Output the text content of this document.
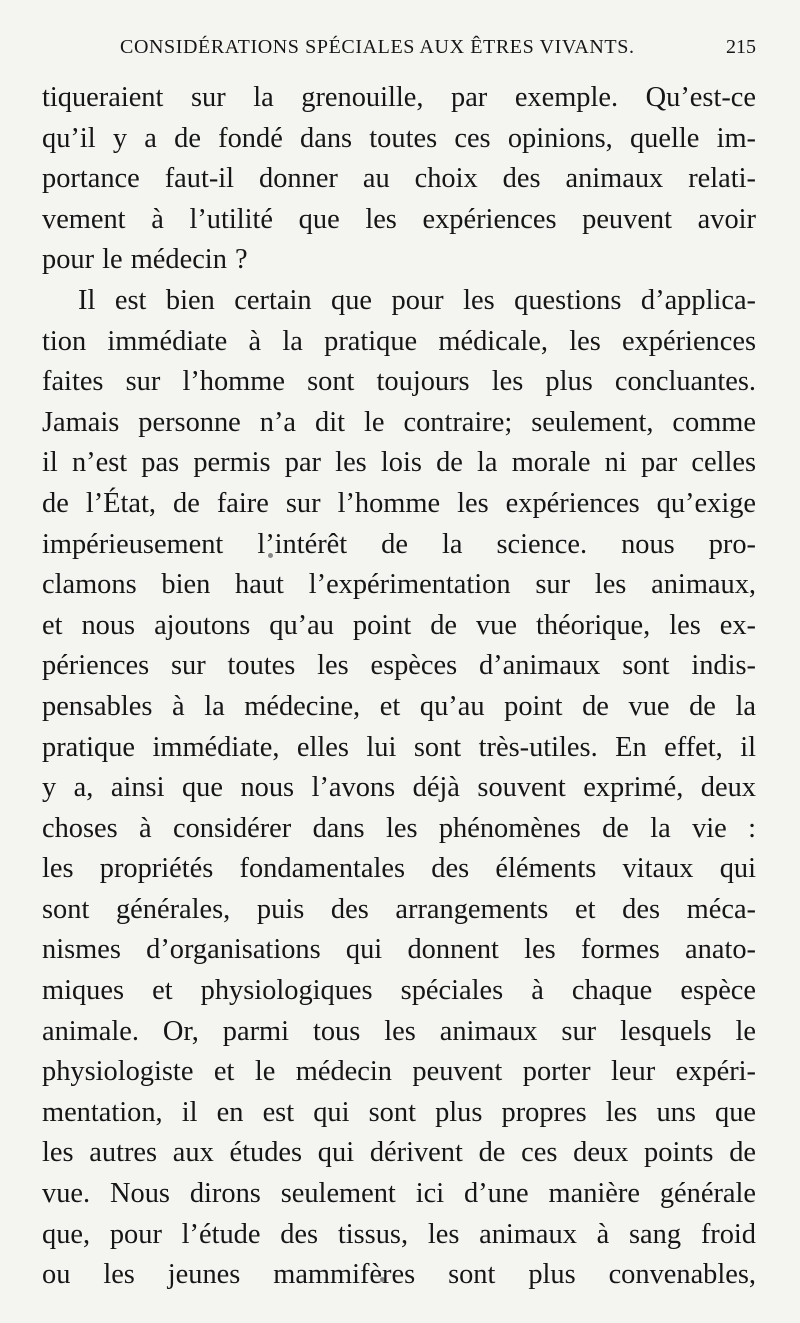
CONSIDÉRATIONS SPÉCIALES AUX ÊTRES VIVANTS.	215
tiqueraient sur la grenouille, par exemple. Qu’est-ce
qu’il y a de fondé dans toutes ces opinions, quelle im-
portance faut-il donner au choix des animaux relati-
vement à l’utilité que les expériences peuvent avoir
pour le médecin ?
Il est bien certain que pour les questions d’applica-
tion immédiate à la pratique médicale, les expériences
faites sur l’homme sont toujours les plus concluantes.
Jamais personne n’a dit le contraire; seulement, comme
il n’est pas permis par les lois de la morale ni par celles
de l’État, de faire sur l’homme les expériences qu’exige
impérieusement l’intérêt de la science. nous pro-
clamons bien haut l’expérimentation sur les animaux,
et nous ajoutons qu’au point de vue théorique, les ex-
périences sur toutes les espèces d’animaux sont indis-
pensables à la médecine, et qu’au point de vue de la
pratique immédiate, elles lui sont très-utiles. En effet, il
y a, ainsi que nous l’avons déjà souvent exprimé, deux
choses à considérer dans les phénomènes de la vie :
les propriétés fondamentales des éléments vitaux qui
sont générales, puis des arrangements et des méca-
nismes d’organisations qui donnent les formes anato-
miques et physiologiques spéciales à chaque espèce
animale. Or, parmi tous les animaux sur lesquels le
physiologiste et le médecin peuvent porter leur expéri-
mentation, il en est qui sont plus propres les uns que
les autres aux études qui dérivent de ces deux points de
vue. Nous dirons seulement ici d’une manière générale
que, pour l’étude des tissus, les animaux à sang froid
ou les jeunes mammifères sont plus convenables,
